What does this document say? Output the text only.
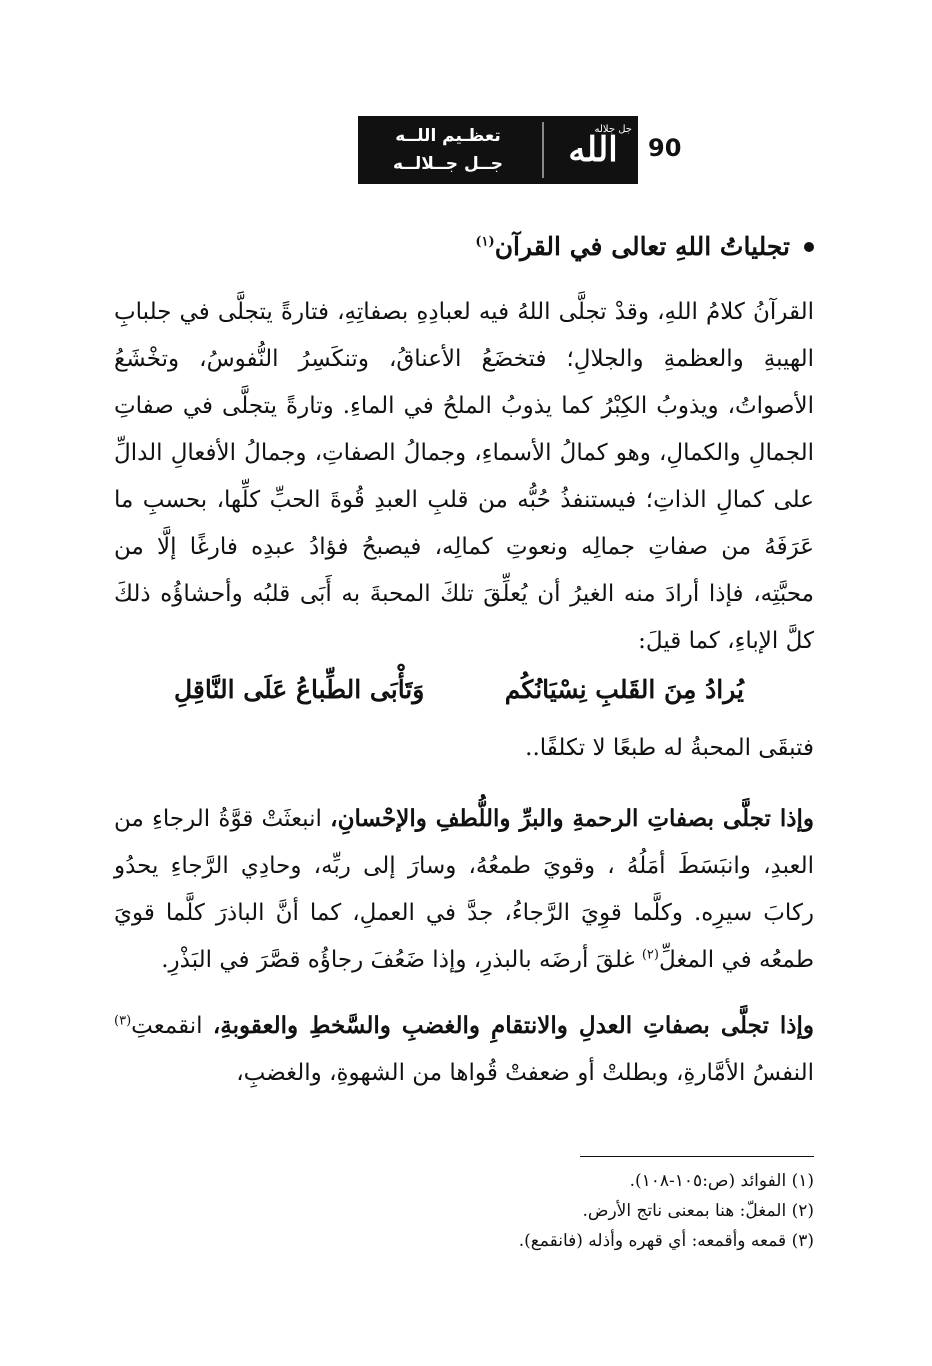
تعظـيم اللــه
جــل جــلالــه الله
جل جلاله
90
تجلياتُ اللهِ تعالى في القرآن$^{(١)}$

القرآنُ كلامُ اللهِ، وقدْ تجلَّى اللهُ فيه لعبادِهِ بصفاتِهِ، فتارةً يتجلَّى في جلبابِ الهيبةِ والعظمةِ والجلالِ؛ فتخضَعُ الأعناقُ، وتنكَسِرُ النُّفوسُ، وتخْشَعُ الأصواتُ، ويذوبُ الكِبْرُ كما يذوبُ الملحُ في الماءِ. وتارةً يتجلَّى في صفاتِ الجمالِ والكمالِ، وهو كمالُ الأسماءِ، وجمالُ الصفاتِ، وجمالُ الأفعالِ الدالِّ على كمالِ الذاتِ؛ فيستنفذُ حُبُّه من قلبِ العبدِ قُوةَ الحبِّ كلِّها، بحسبِ ما عَرَفَهُ من صفاتِ جمالِه ونعوتِ كمالِه، فيصبحُ فؤادُ عبدِه فارغًا إلَّا من محبَّتِه، فإذا أرادَ منه الغيرُ أن يُعلِّقَ تلكَ المحبةَ به أَبَى قلبُه وأحشاؤُه ذلكَ كلَّ الإباءِ، كما قيلَ:

يُرادُ مِنَ القَلبِ نِسْيَانُكُم
وَتَأْبَى الطِّباعُ عَلَى النَّاقِلِ

فتبقَى المحبةُ له طبعًا لا تكلفًا..

وإذا تجلَّى بصفاتِ الرحمةِ والبرِّ واللُّطفِ والإحْسانِ، انبعثَتْ قوَّةُ الرجاءِ من العبدِ، وانبَسَطَ أمَلُهُ ، وقويَ طمعُهُ، وسارَ إلى ربِّه، وحادِي الرَّجاءِ يحدُو ركابَ سيرِه. وكلَّما قوِيَ الرَّجاءُ، جدَّ في العملِ، كما أنَّ الباذرَ كلَّما قويَ طمعُه في المغلِّ$^{(٢)}$ غلقَ أرضَه بالبذرِ، وإذا ضَعُفَ رجاؤُه قصَّرَ في البَذْرِ.

وإذا تجلَّى بصفاتِ العدلِ والانتقامِ والغضبِ والسَّخطِ والعقوبةِ، انقمعتِ$^{(٣)}$ النفسُ الأمَّارةِ، وبطلتْ أو ضعفتْ قُواها من الشهوةِ، والغضبِ،

(١) الفوائد (ص:١٠٥-١٠٨).
(٢) المغلّ: هنا بمعنى ناتج الأرض.
(٣) قمعه وأقمعه: أي قهره وأذله (فانقمع).
